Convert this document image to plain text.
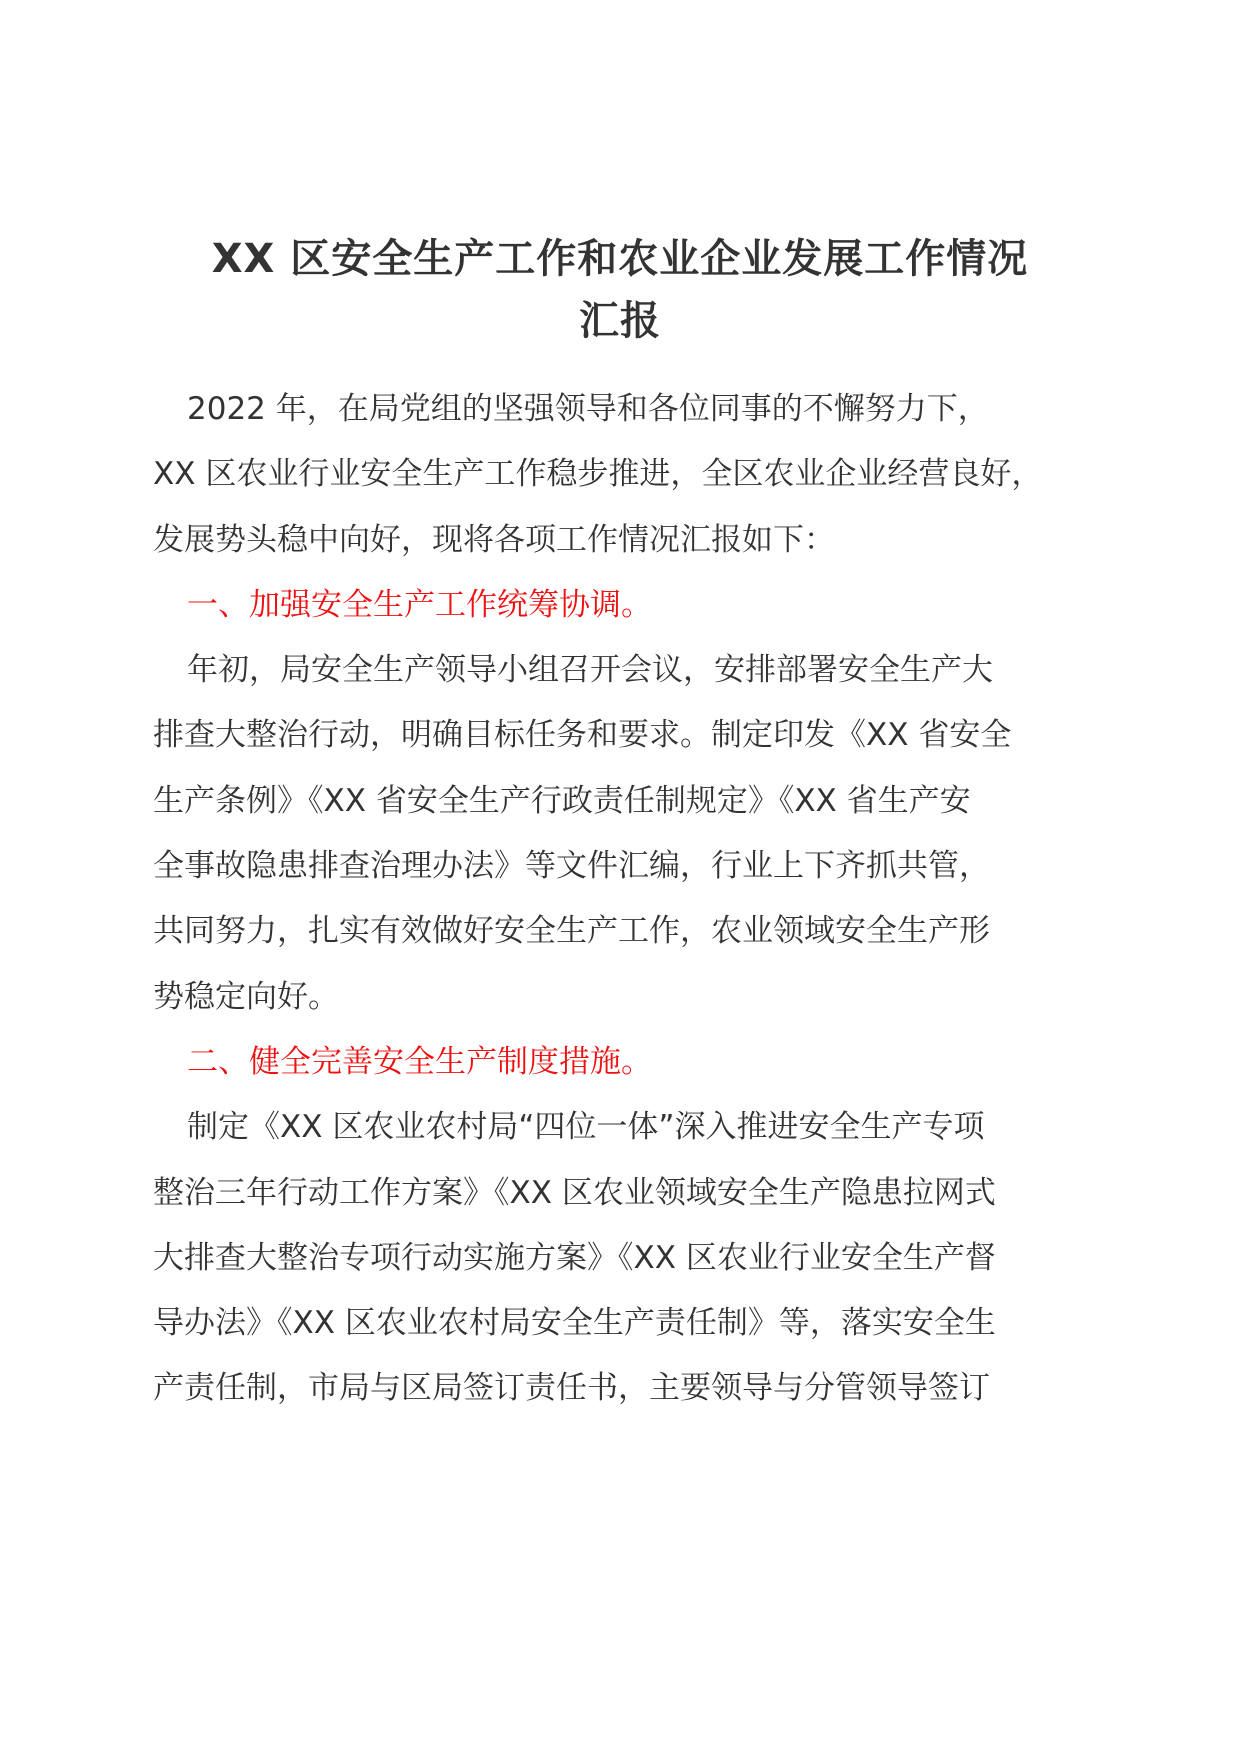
XX 区安全生产工作和农业企业发展工作情况
汇报
2022 年，在局党组的坚强领导和各位同事的不懈努力下，
XX 区农业行业安全生产工作稳步推进，全区农业企业经营良好，
发展势头稳中向好，现将各项工作情况汇报如下：
一、加强安全生产工作统筹协调。
年初，局安全生产领导小组召开会议，安排部署安全生产大
排查大整治行动，明确目标任务和要求。制定印发《XX 省安全
生产条例》《XX 省安全生产行政责任制规定》《XX 省生产安
全事故隐患排查治理办法》等文件汇编，行业上下齐抓共管，
共同努力，扎实有效做好安全生产工作，农业领域安全生产形
势稳定向好。
二、健全完善安全生产制度措施。
制定《XX 区农业农村局“四位一体”深入推进安全生产专项
整治三年行动工作方案》《XX 区农业领域安全生产隐患拉网式
大排查大整治专项行动实施方案》《XX 区农业行业安全生产督
导办法》《XX 区农业农村局安全生产责任制》等，落实安全生
产责任制，市局与区局签订责任书，主要领导与分管领导签订
